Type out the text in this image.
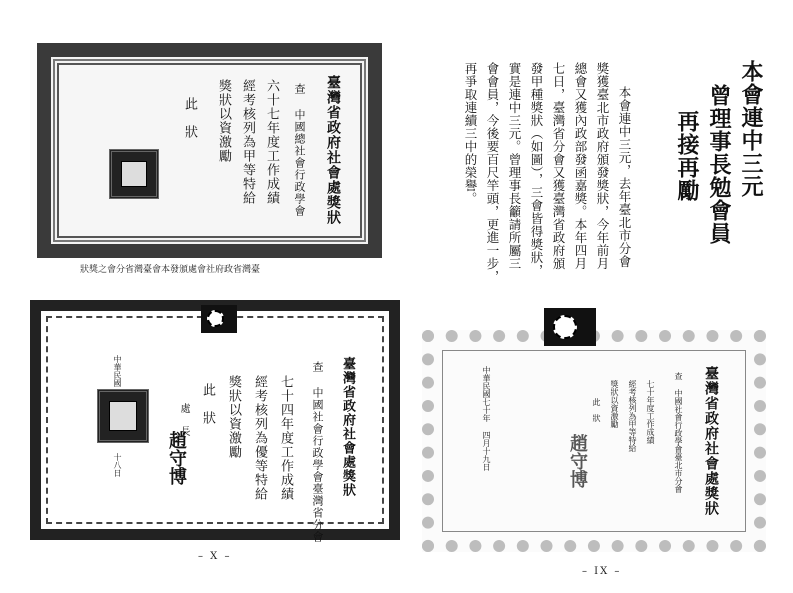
臺灣省政府社會處獎狀
查 中國總社會行政學會
六十七年度工作成績
經考核列為甲等特給
獎狀以資激勵
此　狀
狀獎之會分省灣臺會本發頒處會社府政省灣臺
臺灣省政府社會處獎狀
查 中國社會行政學會臺灣省分會
七十四年度工作成績
經考核列為優等特給
獎狀以資激勵
此　狀
處 長
趙守博
中華民國
十八日
– X –
臺灣省政府社會處獎狀
查 中國社會行政學會臺北市分會
七十年度工作成績
經考核列為甲等特給
獎狀以資激勵
此　狀
趙守博
中華民國七十年 四月十九日
– IX –
本會連中三元
曾理事長勉會員
再接再勵
本會連中三元，去年臺北市分會
獎獲臺北市政府頒發獎狀，今年前月
總會又獲內政部發函嘉獎。本年四月
七日，臺灣省分會又獲臺灣省政府頒
發甲種獎狀（如圖），三會皆得獎狀，
實是連中三元。曾理事長籲請所屬三
會會員，今後要百尺竿頭，更進一步，
再爭取連續三中的榮譽。
